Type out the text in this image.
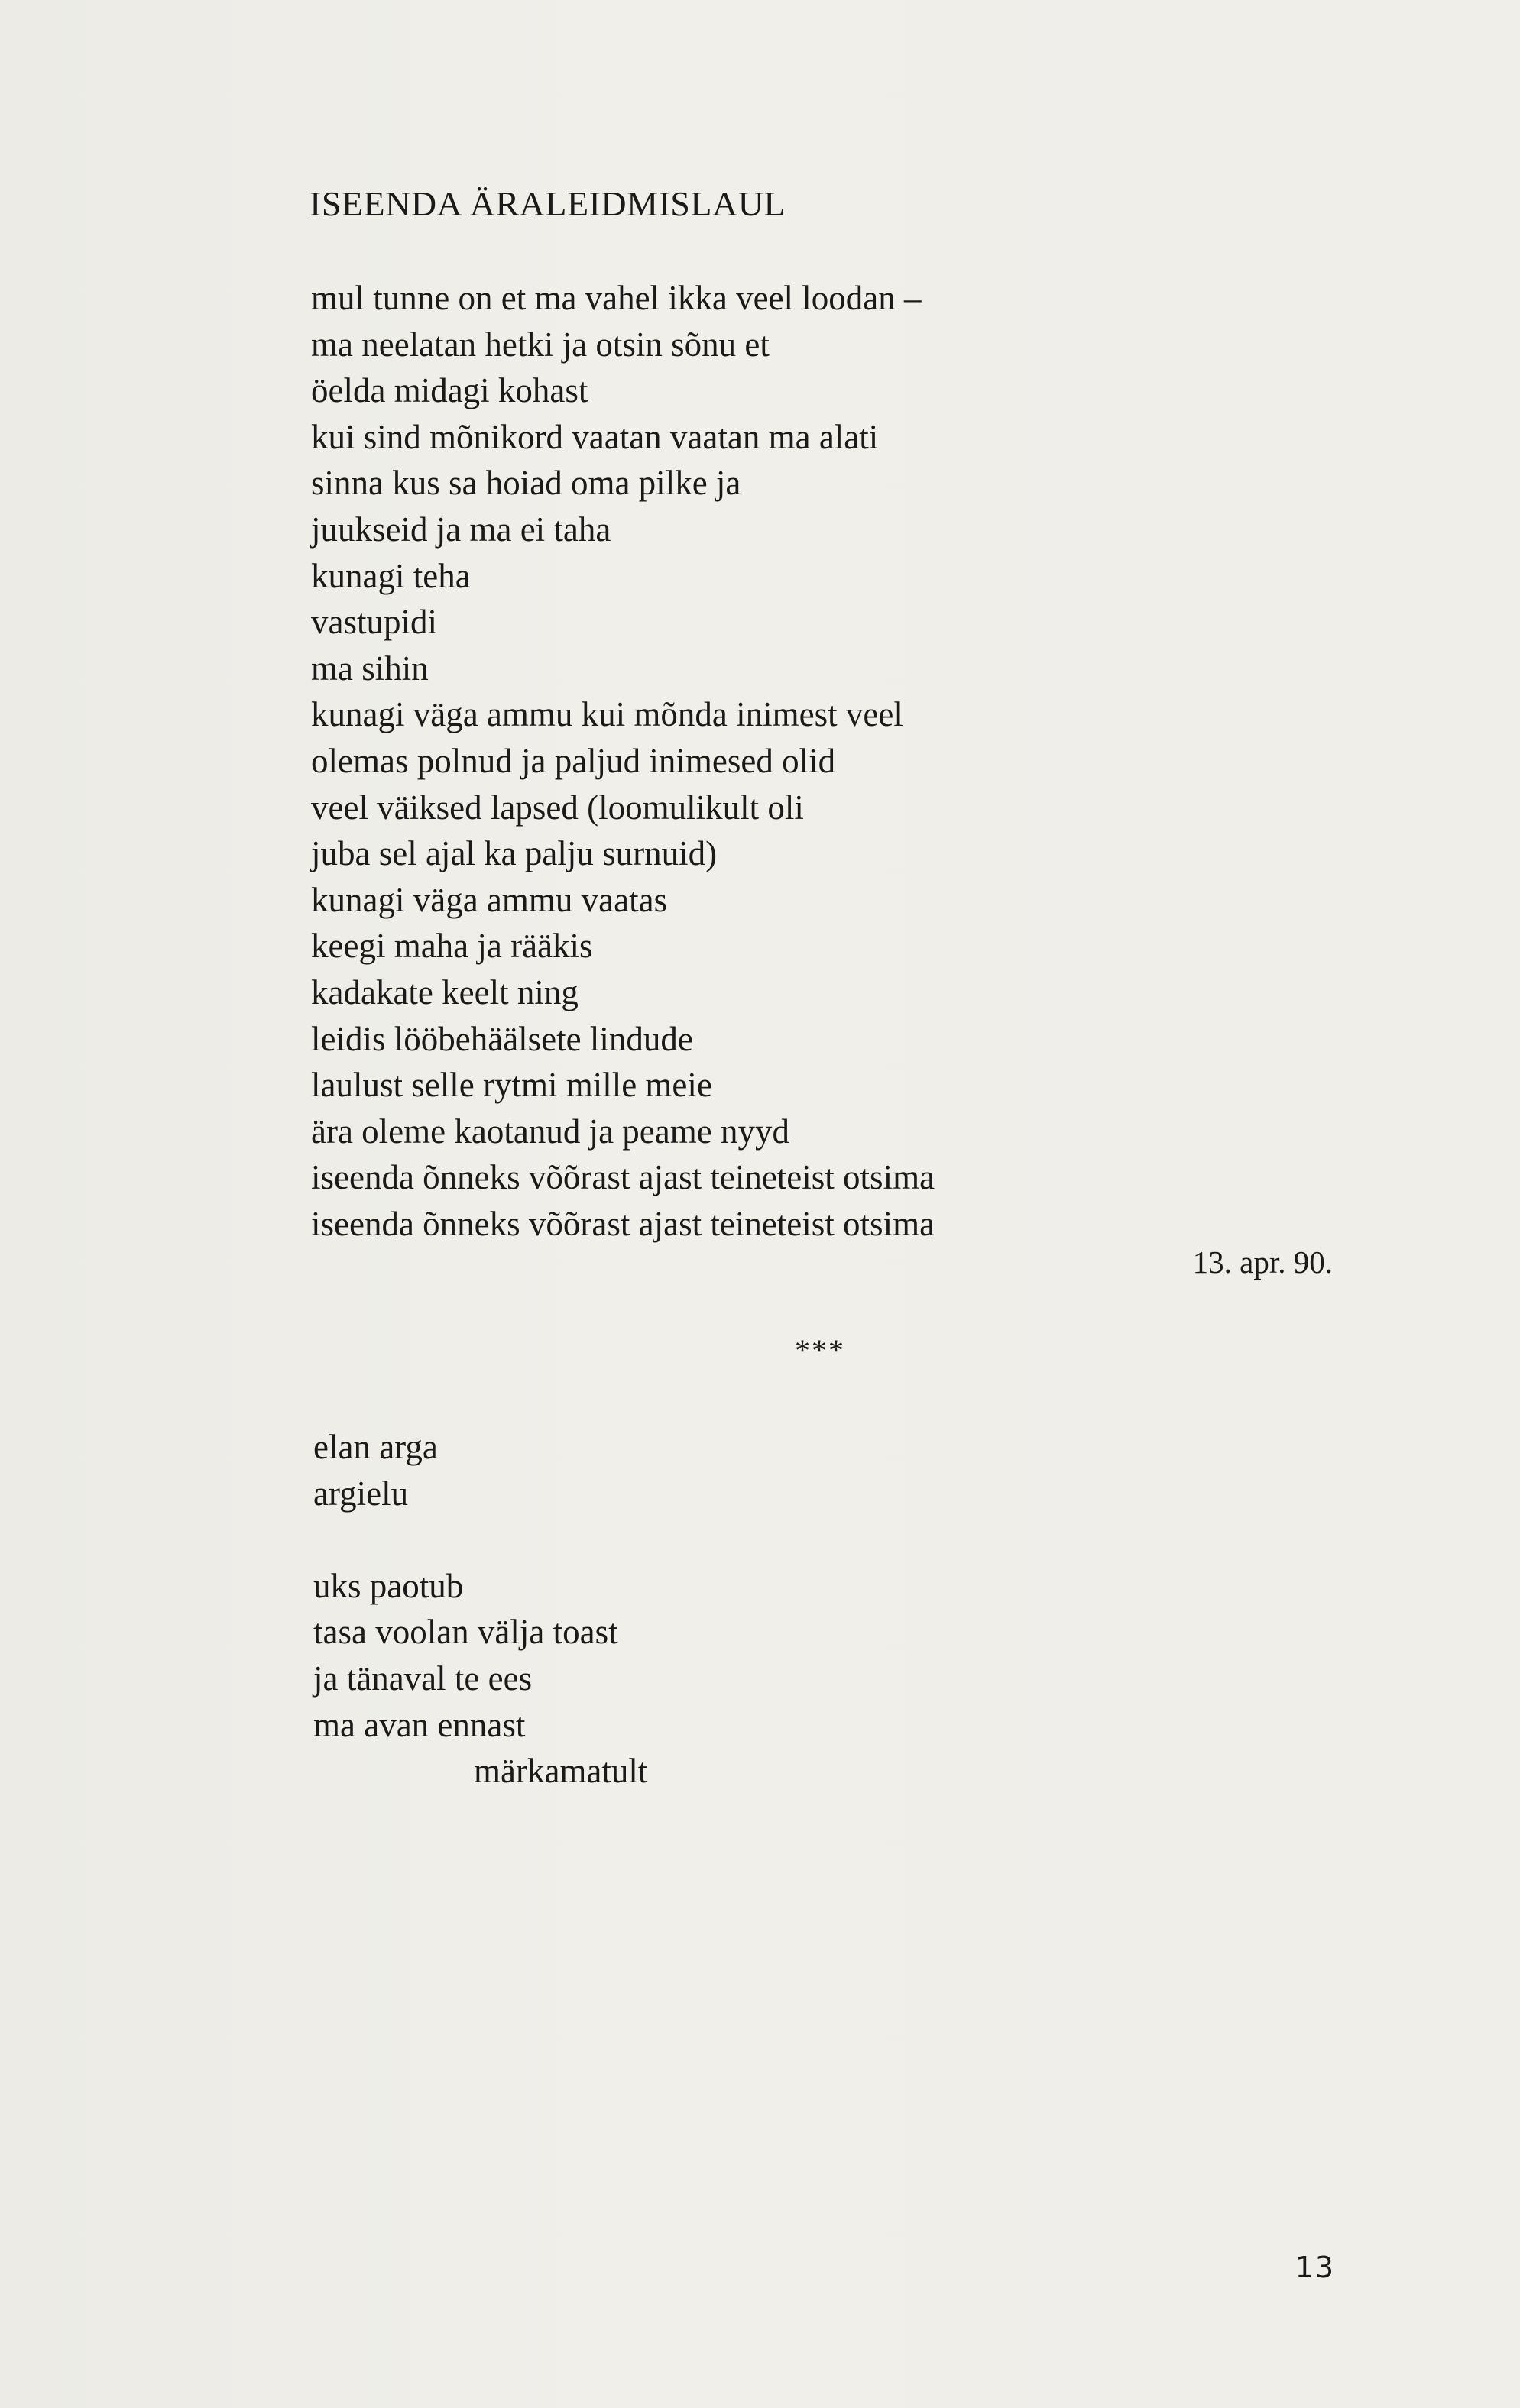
ISEENDA ÄRALEIDMISLAUL
mul tunne on et ma vahel ikka veel loodan –
ma neelatan hetki ja otsin sõnu et
öelda midagi kohast
kui sind mõnikord vaatan vaatan ma alati
sinna kus sa hoiad oma pilke ja
juukseid ja ma ei taha
kunagi teha
vastupidi
ma sihin
kunagi väga ammu kui mõnda inimest veel
olemas polnud ja paljud inimesed olid
veel väiksed lapsed (loomulikult oli
juba sel ajal ka palju surnuid)
kunagi väga ammu vaatas
keegi maha ja rääkis
kadakate keelt ning
leidis lööbehäälsete lindude
laulust selle rytmi mille meie
ära oleme kaotanud ja peame nyyd
iseenda õnneks võõrast ajast teineteist otsima
iseenda õnneks võõrast ajast teineteist otsima
13. apr. 90.
***
elan arga
argielu
uks paotub
tasa voolan välja toast
ja tänaval te ees
ma avan ennast
märkamatult
13
